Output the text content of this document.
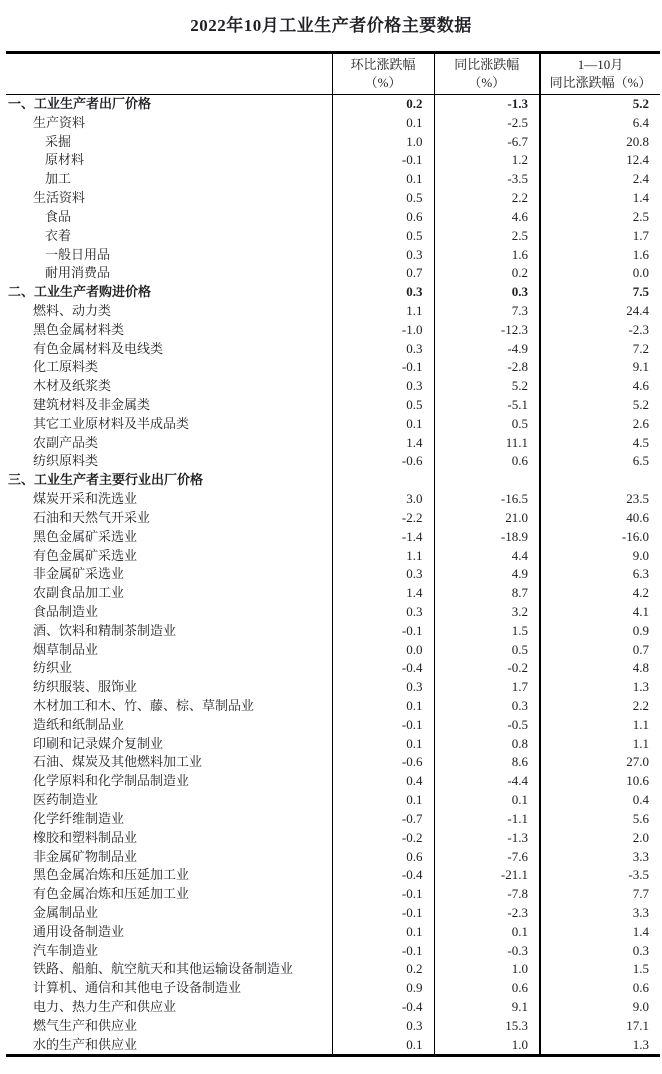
2022年10月工业生产者价格主要数据

环比涨跌幅
（%）

同比涨跌幅
（%）

1—10月
同比涨跌幅（%）

一、工业生产者出厂价格	0.2	-1.3	5.2
生产资料	0.1	-2.5	6.4
采掘	1.0	-6.7	20.8
原材料	-0.1	1.2	12.4
加工	0.1	-3.5	2.4
生活资料	0.5	2.2	1.4
食品	0.6	4.6	2.5
衣着	0.5	2.5	1.7
一般日用品	0.3	1.6	1.6
耐用消费品	0.7	0.2	0.0
二、工业生产者购进价格	0.3	0.3	7.5
燃料、动力类	1.1	7.3	24.4
黑色金属材料类	-1.0	-12.3	-2.3
有色金属材料及电线类	0.3	-4.9	7.2
化工原料类	-0.1	-2.8	9.1
木材及纸浆类	0.3	5.2	4.6
建筑材料及非金属类	0.5	-5.1	5.2
其它工业原材料及半成品类	0.1	0.5	2.6
农副产品类	1.4	11.1	4.5
纺织原料类	-0.6	0.6	6.5
三、工业生产者主要行业出厂价格			
煤炭开采和洗选业	3.0	-16.5	23.5
石油和天然气开采业	-2.2	21.0	40.6
黑色金属矿采选业	-1.4	-18.9	-16.0
有色金属矿采选业	1.1	4.4	9.0
非金属矿采选业	0.3	4.9	6.3
农副食品加工业	1.4	8.7	4.2
食品制造业	0.3	3.2	4.1
酒、饮料和精制茶制造业	-0.1	1.5	0.9
烟草制品业	0.0	0.5	0.7
纺织业	-0.4	-0.2	4.8
纺织服装、服饰业	0.3	1.7	1.3
木材加工和木、竹、藤、棕、草制品业	0.1	0.3	2.2
造纸和纸制品业	-0.1	-0.5	1.1
印刷和记录媒介复制业	0.1	0.8	1.1
石油、煤炭及其他燃料加工业	-0.6	8.6	27.0
化学原料和化学制品制造业	0.4	-4.4	10.6
医药制造业	0.1	0.1	0.4
化学纤维制造业	-0.7	-1.1	5.6
橡胶和塑料制品业	-0.2	-1.3	2.0
非金属矿物制品业	0.6	-7.6	3.3
黑色金属冶炼和压延加工业	-0.4	-21.1	-3.5
有色金属冶炼和压延加工业	-0.1	-7.8	7.7
金属制品业	-0.1	-2.3	3.3
通用设备制造业	0.1	0.1	1.4
汽车制造业	-0.1	-0.3	0.3
铁路、船舶、航空航天和其他运输设备制造业	0.2	1.0	1.5
计算机、通信和其他电子设备制造业	0.9	0.6	0.6
电力、热力生产和供应业	-0.4	9.1	9.0
燃气生产和供应业	0.3	15.3	17.1
水的生产和供应业	0.1	1.0	1.3
